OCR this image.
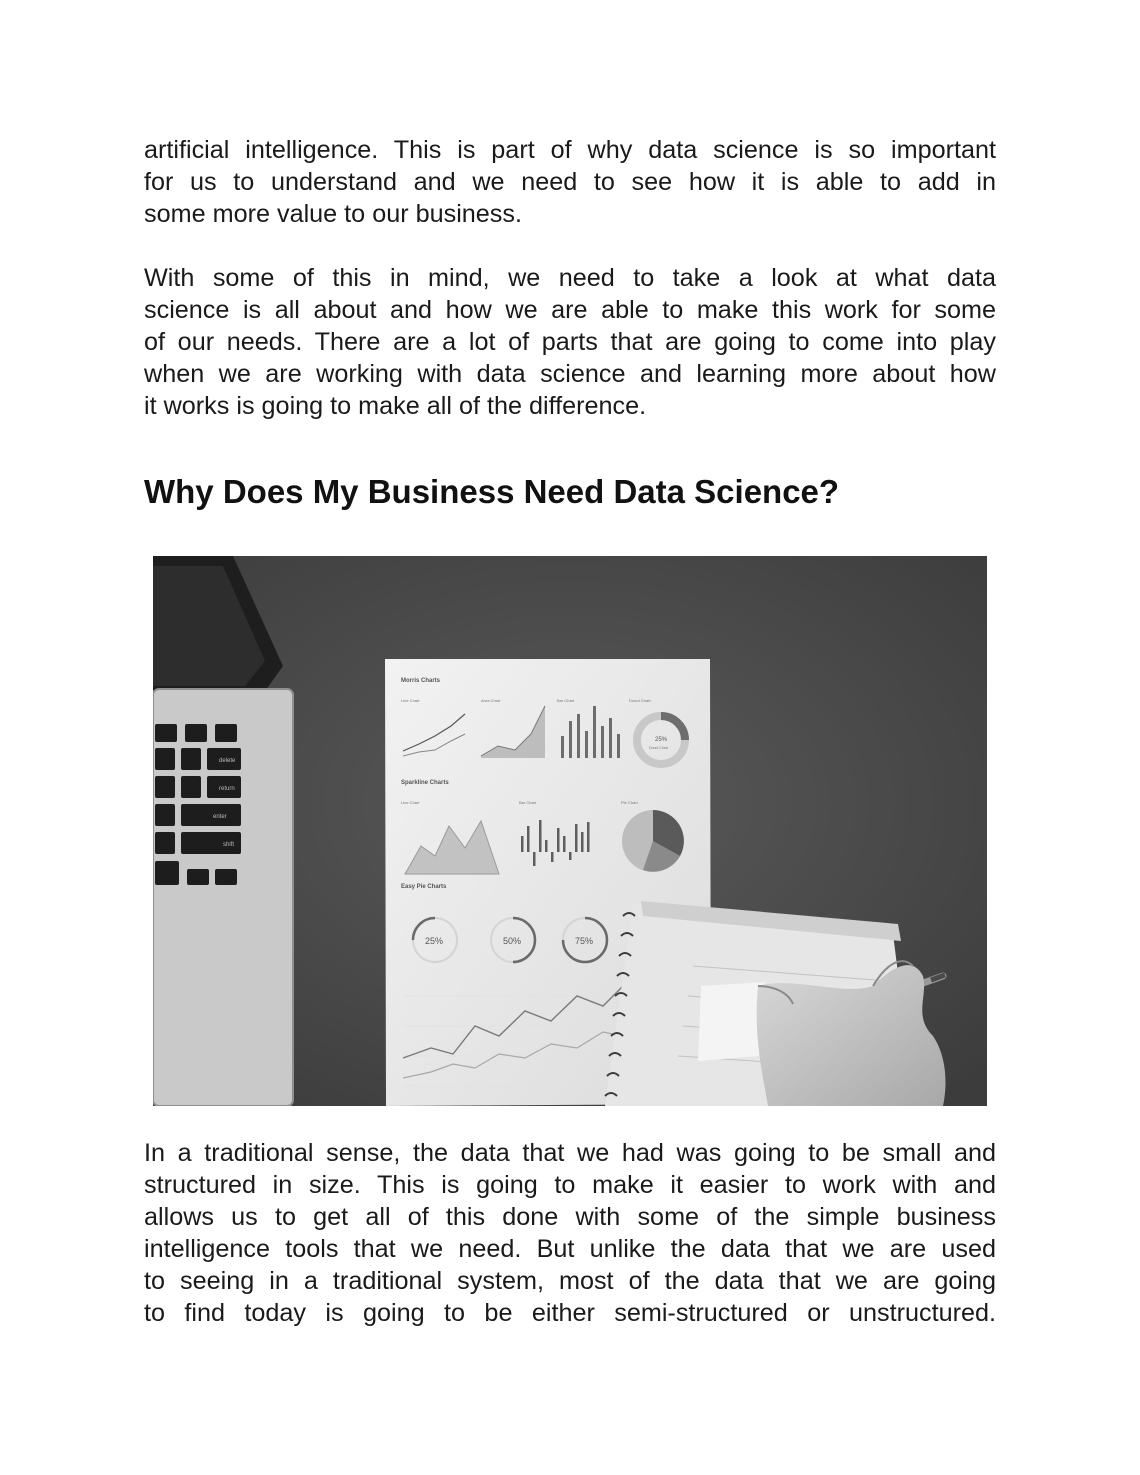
artificial intelligence. This is part of why data science is so important
for us to understand and we need to see how it is able to add in
some more value to our business.

With some of this in mind, we need to take a look at what data
science is all about and how we are able to make this work for some
of our needs. There are a lot of parts that are going to come into play
when we are working with data science and learning more about how
it works is going to make all of the difference.

Why Does My Business Need Data Science?
delete
return
enter
shift
Morris Charts
Line Chart	Area Chart	Bar Chart	Donut Chart
25%
Donut Chart
Sparkline Charts
Line Chart	Bar Chart	Pie Chart
Easy Pie Charts
25%	50%	75%

In a traditional sense, the data that we had was going to be small and
structured in size. This is going to make it easier to work with and
allows us to get all of this done with some of the simple business
intelligence tools that we need. But unlike the data that we are used
to seeing in a traditional system, most of the data that we are going
to find today is going to be either semi-structured or unstructured.
